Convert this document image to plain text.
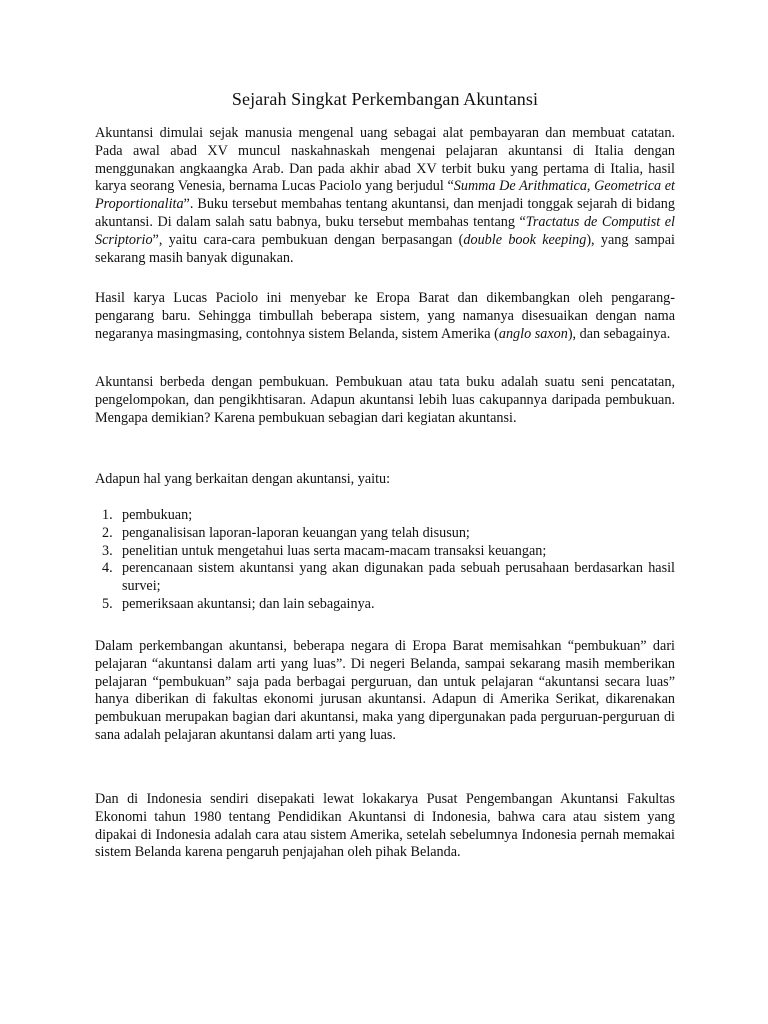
Sejarah Singkat Perkembangan Akuntansi

Akuntansi dimulai sejak manusia mengenal uang sebagai alat pembayaran dan membuat catatan. Pada awal abad XV muncul naskahnaskah mengenai pelajaran akuntansi di Italia dengan menggunakan angkaangka Arab. Dan pada akhir abad XV terbit buku yang pertama di Italia, hasil karya seorang Venesia, bernama Lucas Paciolo yang berjudul “Summa De Arithmatica, Geometrica et Proportionalita”. Buku tersebut membahas tentang akuntansi, dan menjadi tonggak sejarah di bidang akuntansi. Di dalam salah satu babnya, buku tersebut membahas tentang “Tractatus de Computist el Scriptorio”, yaitu cara-cara pembukuan dengan berpasangan (double book keeping), yang sampai sekarang masih banyak digunakan.

Hasil karya Lucas Paciolo ini menyebar ke Eropa Barat dan dikembangkan oleh pengarang-pengarang baru. Sehingga timbullah beberapa sistem, yang namanya disesuaikan dengan nama negaranya masingmasing, contohnya sistem Belanda, sistem Amerika (anglo saxon), dan sebagainya.

Akuntansi berbeda dengan pembukuan. Pembukuan atau tata buku adalah suatu seni pencatatan, pengelompokan, dan pengikhtisaran. Adapun akuntansi lebih luas cakupannya daripada pembukuan. Mengapa demikian? Karena pembukuan sebagian dari kegiatan akuntansi.

Adapun hal yang berkaitan dengan akuntansi, yaitu:

1. pembukuan;
2. penganalisisan laporan-laporan keuangan yang telah disusun;
3. penelitian untuk mengetahui luas serta macam-macam transaksi keuangan;
4. perencanaan sistem akuntansi yang akan digunakan pada sebuah perusahaan berdasarkan hasil survei;
5. pemeriksaan akuntansi; dan lain sebagainya.

Dalam perkembangan akuntansi, beberapa negara di Eropa Barat memisahkan “pembukuan” dari pelajaran “akuntansi dalam arti yang luas”. Di negeri Belanda, sampai sekarang masih memberikan pelajaran “pembukuan” saja pada berbagai perguruan, dan untuk pelajaran “akuntansi secara luas” hanya diberikan di fakultas ekonomi jurusan akuntansi. Adapun di Amerika Serikat, dikarenakan pembukuan merupakan bagian dari akuntansi, maka yang dipergunakan pada perguruan-perguruan di sana adalah pelajaran akuntansi dalam arti yang luas.

Dan di Indonesia sendiri disepakati lewat lokakarya Pusat Pengembangan Akuntansi Fakultas Ekonomi tahun 1980 tentang Pendidikan Akuntansi di Indonesia, bahwa cara atau sistem yang dipakai di Indonesia adalah cara atau sistem Amerika, setelah sebelumnya Indonesia pernah memakai sistem Belanda karena pengaruh penjajahan oleh pihak Belanda.
